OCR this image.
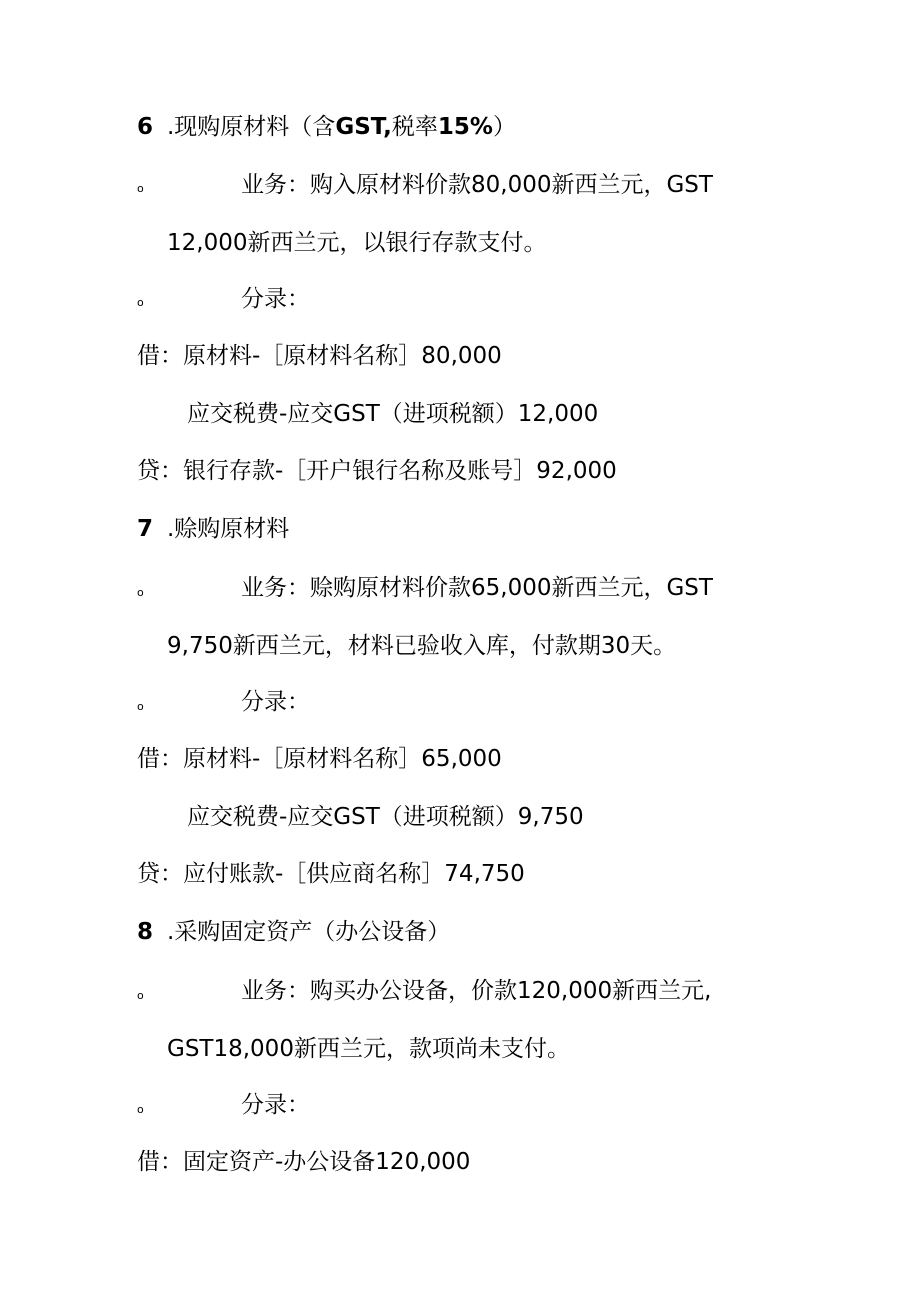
6 .现购原材料（含GST,税率15%）
o	业务：购入原材料价款80,000新西兰元，GST
12,000新西兰元，以银行存款支付。
o	分录：
借：原材料-［原材料名称］80,000
应交税费-应交GST（进项税额）12,000
贷：银行存款-［开户银行名称及账号］92,000
7 .赊购原材料
o	业务：赊购原材料价款65,000新西兰元，GST
9,750新西兰元，材料已验收入库，付款期30天。
o	分录：
借：原材料-［原材料名称］65,000
应交税费-应交GST（进项税额）9,750
贷：应付账款-［供应商名称］74,750
8 .采购固定资产（办公设备）
o	业务：购买办公设备，价款120,000新西兰元,
GST18,000新西兰元，款项尚未支付。
o	分录：
借：固定资产-办公设备120,000
